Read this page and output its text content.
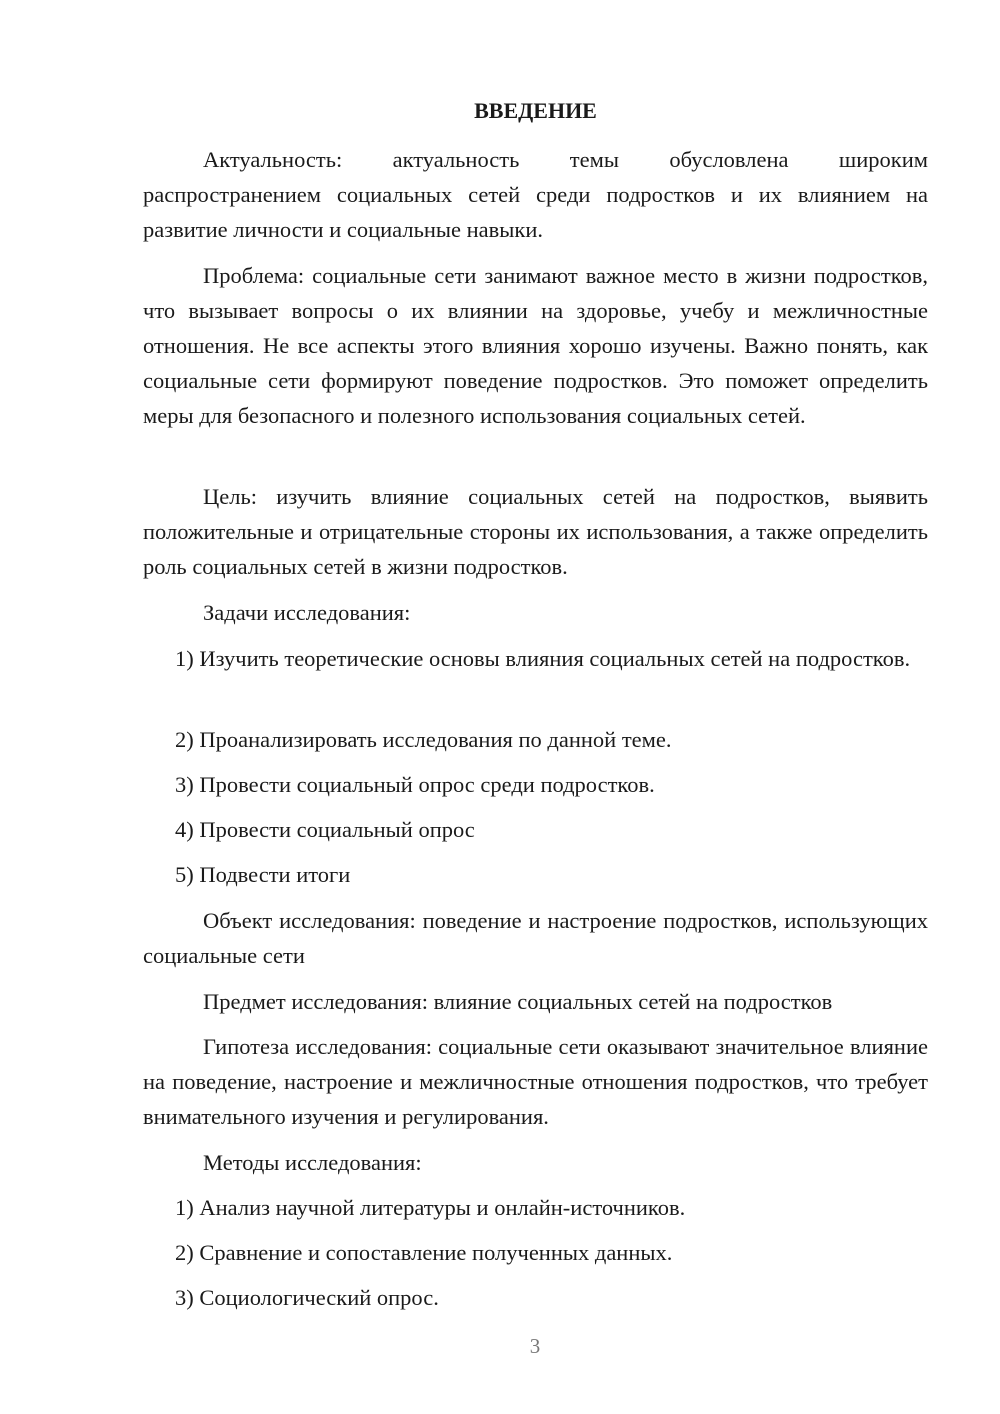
ВВЕДЕНИЕ

Актуальность: актуальность темы обусловлена широким распространением социальных сетей среди подростков и их влиянием на развитие личности и социальные навыки.

Проблема: социальные сети занимают важное место в жизни подростков, что вызывает вопросы о их влиянии на здоровье, учебу и межличностные отношения. Не все аспекты этого влияния хорошо изучены. Важно понять, как социальные сети формируют поведение подростков. Это поможет определить меры для безопасного и полезного использования социальных сетей.

Цель: изучить влияние социальных сетей на подростков, выявить положительные и отрицательные стороны их использования, а также определить роль социальных сетей в жизни подростков.

Задачи исследования:

1) Изучить теоретические основы влияния социальных сетей на подростков.

2) Проанализировать исследования по данной теме.

3) Провести социальный опрос среди подростков.

4) Провести социальный опрос

5) Подвести итоги

Объект исследования: поведение и настроение подростков, использующих социальные сети

Предмет исследования: влияние социальных сетей на подростков

Гипотеза исследования: социальные сети оказывают значительное влияние на поведение, настроение и межличностные отношения подростков, что требует внимательного изучения и регулирования.

Методы исследования:

1) Анализ научной литературы и онлайн-источников.

2) Сравнение и сопоставление полученных данных.

3) Социологический опрос.

3
